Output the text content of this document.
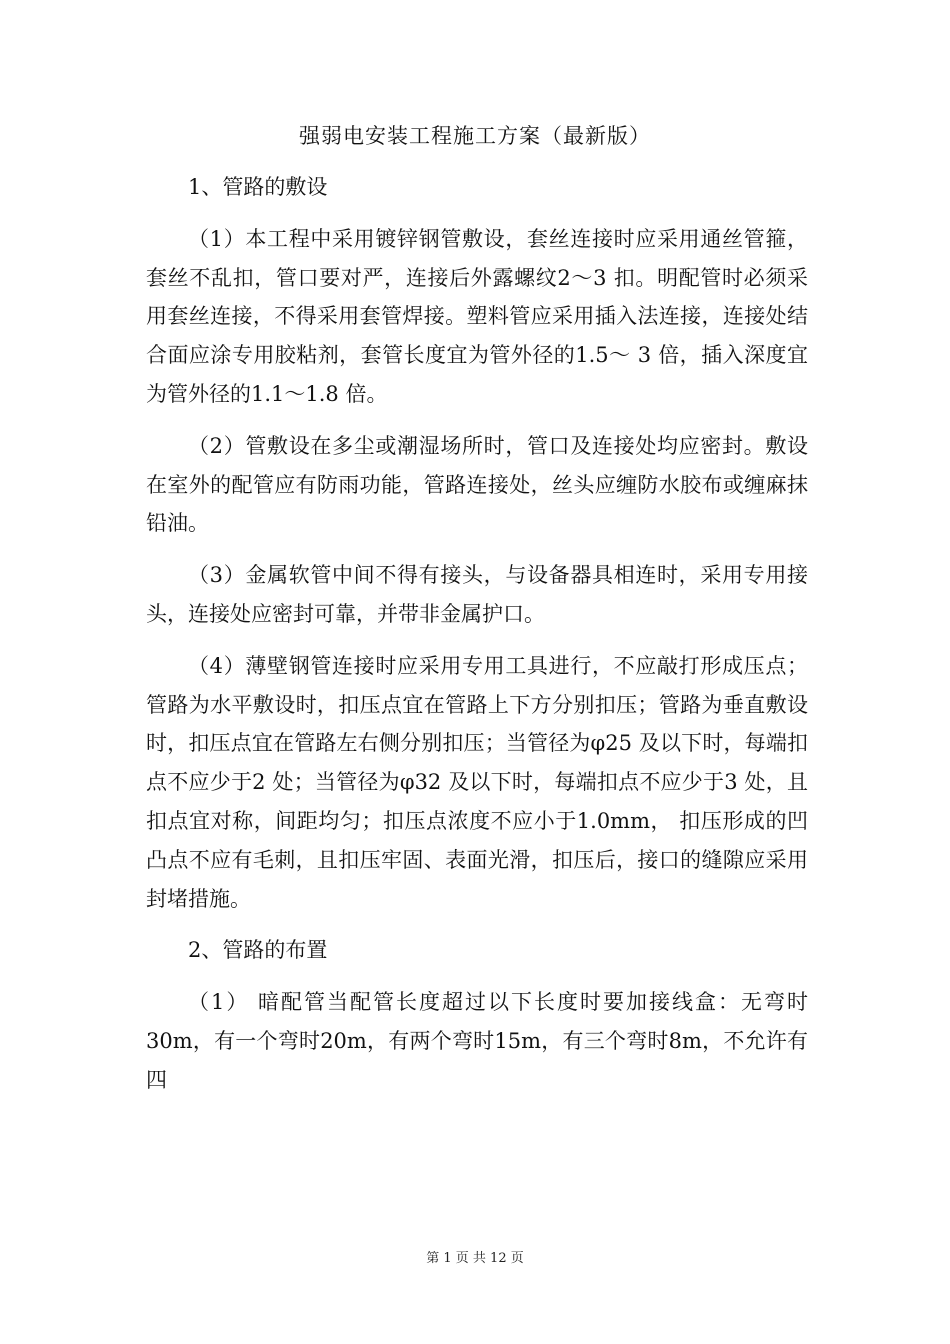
强弱电安装工程施工方案（最新版）

1、管路的敷设

（1）本工程中采用镀锌钢管敷设，套丝连接时应采用通丝管箍，套丝不乱扣，管口要对严，连接后外露螺纹2～3 扣。明配管时必须采用套丝连接，不得采用套管焊接。塑料管应采用插入法连接，连接处结合面应涂专用胶粘剂，套管长度宜为管外径的1.5～ 3 倍，插入深度宜为管外径的1.1～1.8 倍。

（2）管敷设在多尘或潮湿场所时，管口及连接处均应密封。敷设在室外的配管应有防雨功能，管路连接处，丝头应缠防水胶布或缠麻抹铅油。

（3）金属软管中间不得有接头，与设备器具相连时，采用专用接头，连接处应密封可靠，并带非金属护口。

（4）薄壁钢管连接时应采用专用工具进行，不应敲打形成压点；管路为水平敷设时，扣压点宜在管路上下方分别扣压；管路为垂直敷设时，扣压点宜在管路左右侧分别扣压；当管径为φ25 及以下时，每端扣点不应少于2 处；当管径为φ32 及以下时，每端扣点不应少于3 处，且扣点宜对称，间距均匀；扣压点浓度不应小于1.0mm， 扣压形成的凹凸点不应有毛刺，且扣压牢固、表面光滑，扣压后，接口的缝隙应采用封堵措施。

2、管路的布置

（1） 暗配管当配管长度超过以下长度时要加接线盒：无弯时30m，有一个弯时20m，有两个弯时15m，有三个弯时8m，不允许有四

第 1 页 共 12 页
